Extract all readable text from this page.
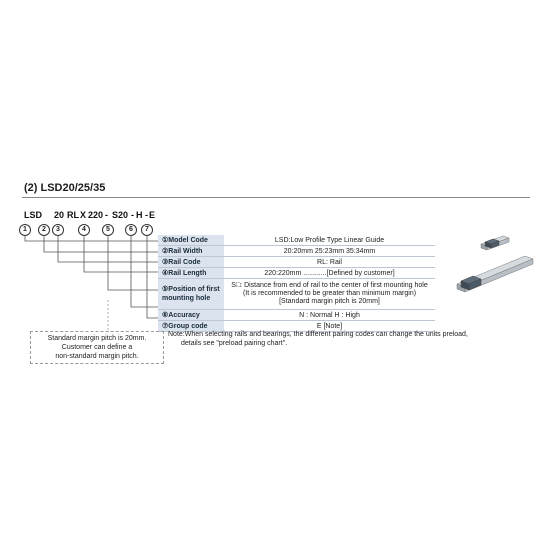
(2) LSD20/25/35
LSD 20 RL X 220 - S20 - H - E
1	2	3	4	5	6	7
①Model Code	LSD:Low Profile Type Linear Guide
②Rail Width	20:20mm 25:23mm 35:34mm
③Rail Code	RL: Rail
④Rail Length	220:220mm ............[Defined by customer]
⑤Position of first mounting hole	S□: Distance from end of rail to the center of first mounting hole
(It is recommended to be greater than minimum margin)
[Standard margin pitch is 20mm]

⑥Accuracy	N : Normal H : High
⑦Group code	E [Note]
Standard margin pitch is 20mm.
Customer can define a
non-standard margin pitch.
Note:When selecting rails and bearings, the different pairing codes can change the units preload,
details see "preload pairing chart".
